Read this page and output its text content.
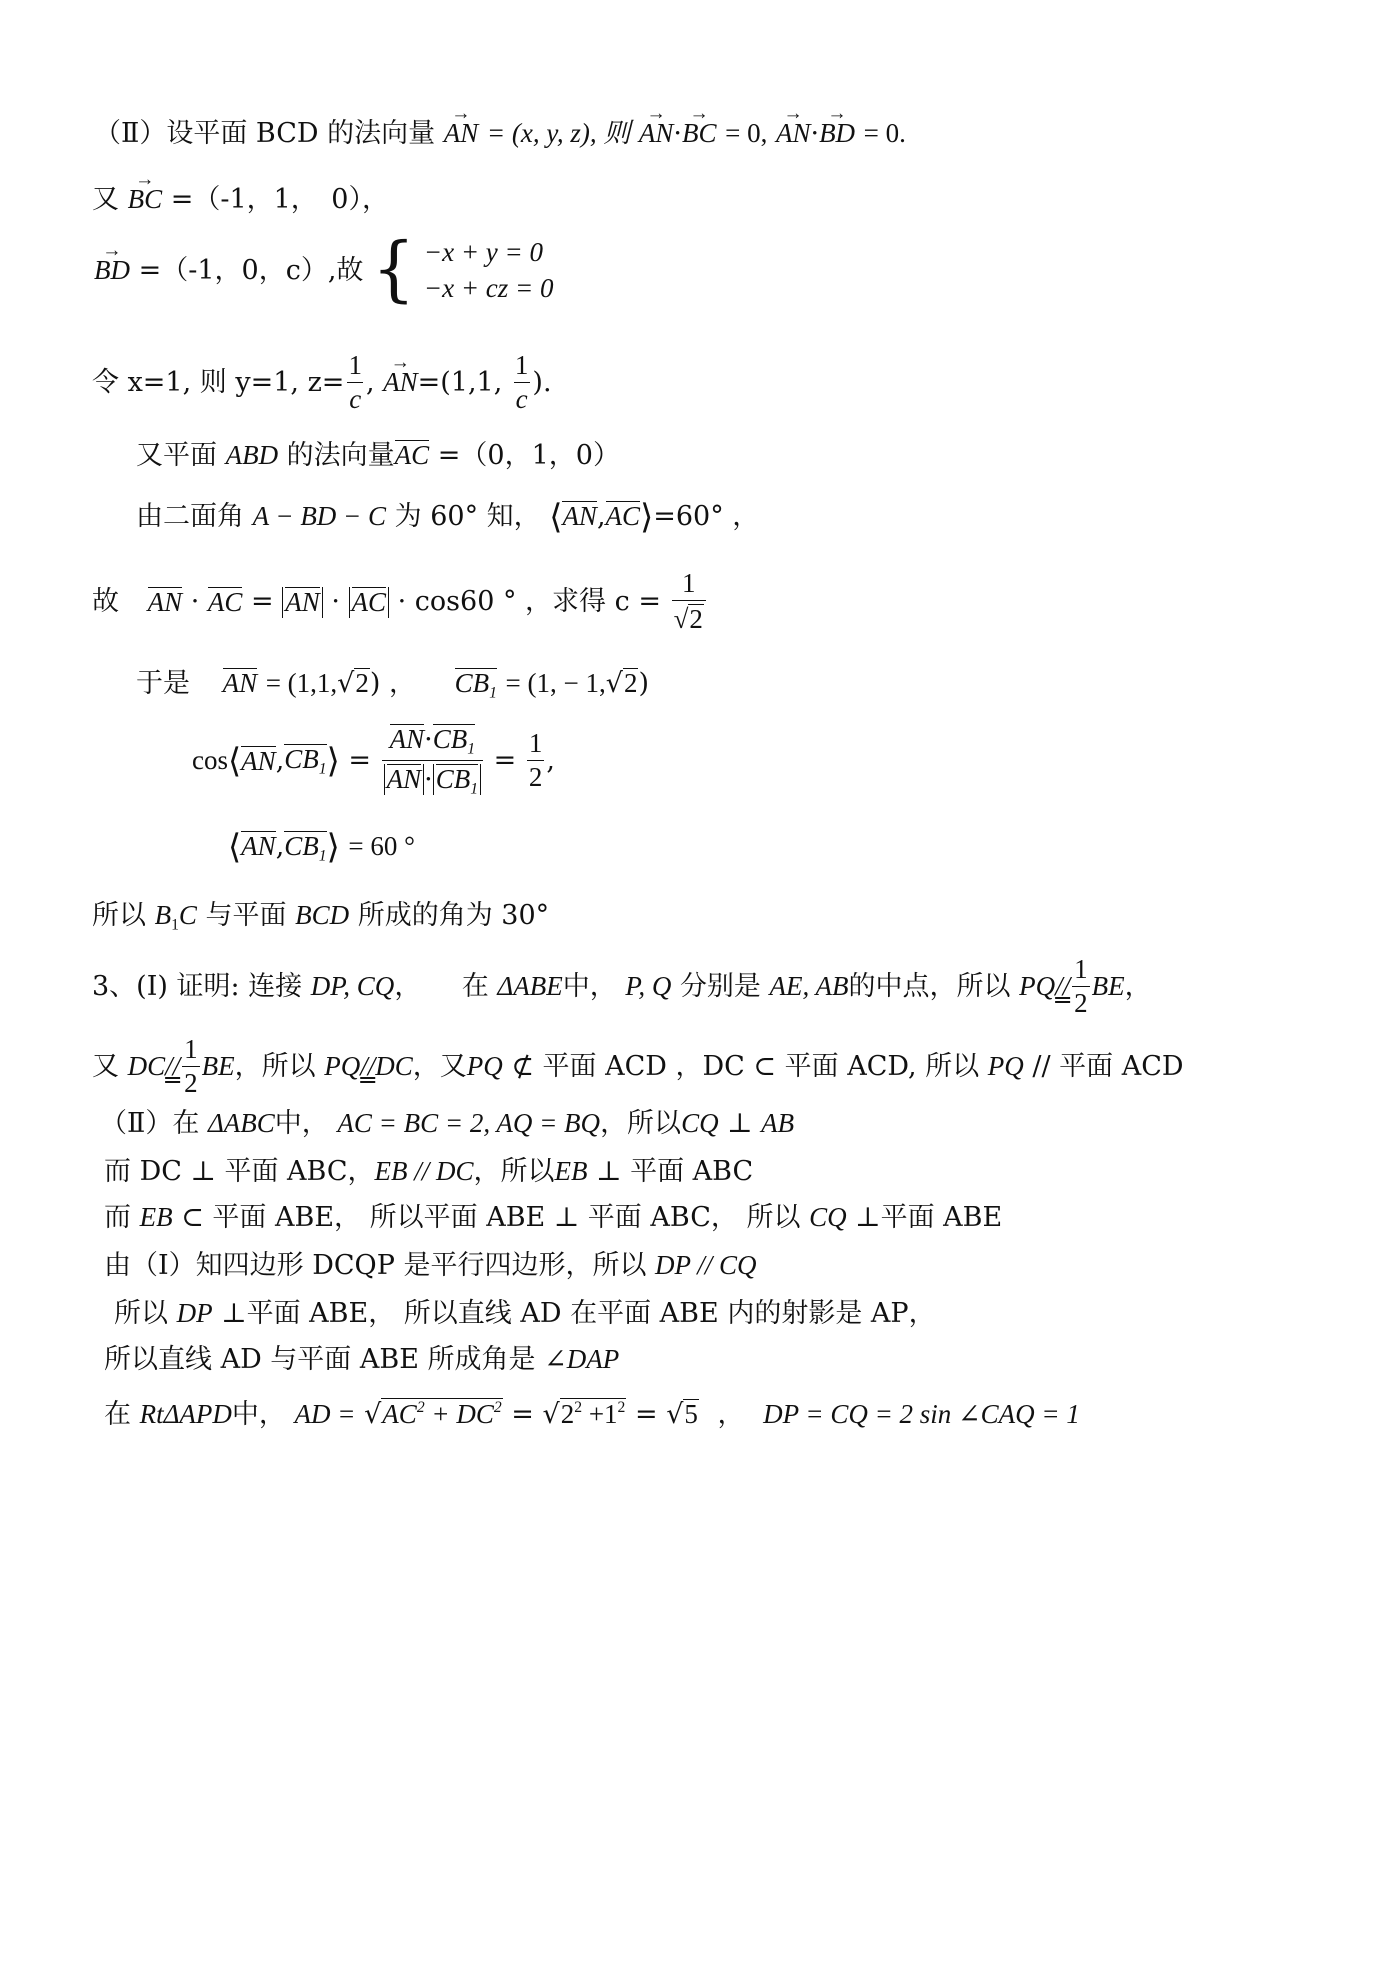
（Ⅱ）设平面 BCD 的法向量 → AN = (x, y, z), 则 → AN·→ BC = 0, → AN·→ BD = 0.
又 → BC =（-1，1，　0），
→ BD =（-1，0，c）,故 { −x + y = 0
−x + cz = 0
令 x=1, 则 y=1, $z= \frac{1}{c}$ , → AN=(1,1, $\frac{1}{c}$ ).
又平面 ABD 的法向量AC =（0，1，0）
由二面角 A − BD − C 为 60° 知， ⟨AN,AC⟩=60° ，
故 AN · AC = AN · AC · cos60 ° ，求得 $c = \frac{1}{√2}$
于是 AN = (1,1,√2) ， $CB_1 = (1$, − 1,√2)
$\cos⟨AN,CB_1⟩ = \frac{AN\cdot CB_1}{AN \cdot CB_1} = \frac{1}{2}$ ,
$⟨AN,CB_1⟩ = 60$ °
所以 $B_1C$ 与平面 BCD 所成的角为 30°
3、(Ⅰ) 证明: 连接 DP, CQ，　　在 ΔABE中， P, Q 分别是 AE, AB的中点，所以 $PQ// \frac{1}{2}$ BE，
又 $DC// \frac{1}{2}$ BE，所以 PQ//DC，又PQ ⊄ 平面 ACD ，DC ⊂ 平面 ACD, 所以 PQ // 平面 ACD
（Ⅱ）在 ΔABC中， AC = BC = 2, AQ = BQ，所以CQ ⊥ AB
而 DC ⊥ 平面 ABC，EB // DC，所以EB ⊥ 平面 ABC
而 EB ⊂ 平面 ABE， 所以平面 ABE ⊥ 平面 ABC， 所以 CQ ⊥平面 ABE
由（Ⅰ）知四边形 DCQP 是平行四边形，所以 DP // CQ
所以 DP ⊥平面 ABE， 所以直线 AD 在平面 ABE 内的射影是 AP，
所以直线 AD 与平面 ABE 所成角是 ∠DAP
在 RtΔAPD中， AD = $√AC^2 + DC^2 = √2^2 +1^2 = √5$ ， DP = CQ = 2 sin ∠CAQ = 1
